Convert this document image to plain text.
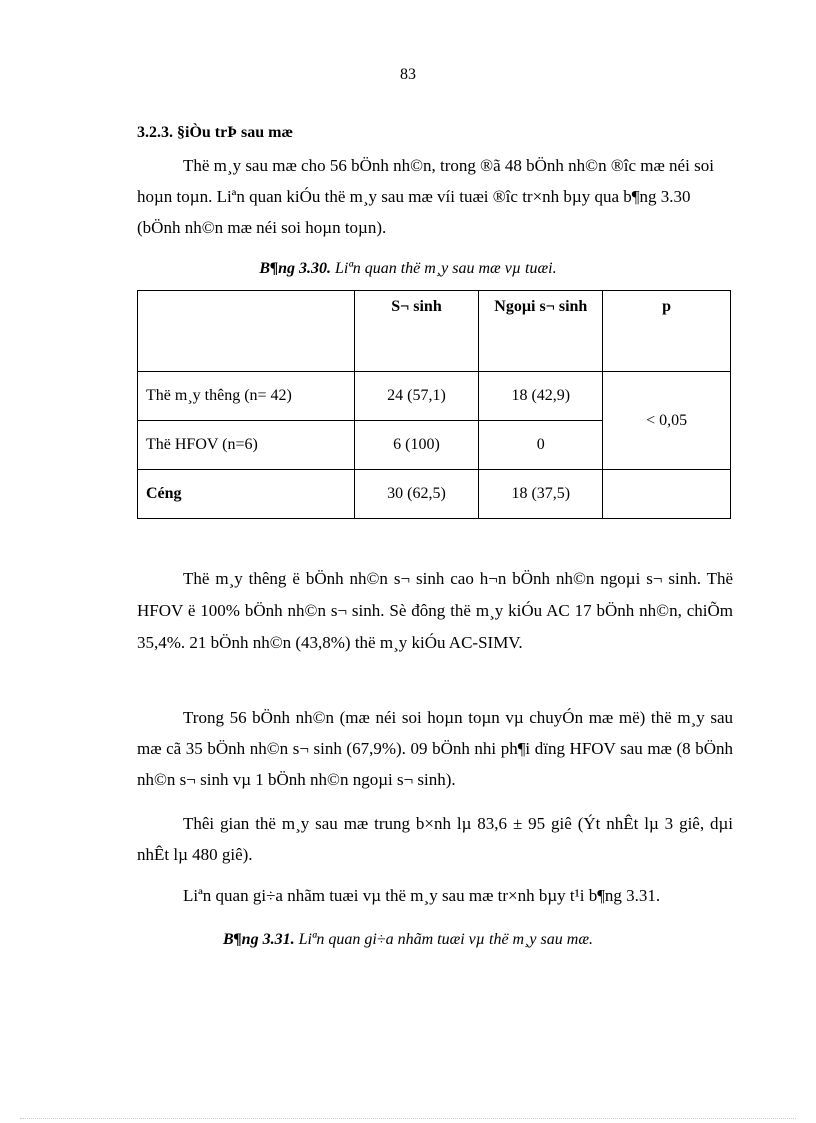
83
3.2.3. §iÒu trÞ sau mæ
Thë m¸y sau mæ cho 56 bÖnh nh©n, trong ®ã 48 bÖnh nh©n ®îc mæ néi soi hoµn toµn. Liªn quan kiÓu thë m¸y sau mæ víi tuæi ®îc tr×nh bµy qua b¶ng 3.30 (bÖnh nh©n mæ néi soi hoµn toµn).
B¶ng 3.30. Liªn quan thë m¸y sau mæ vµ tuæi.
	S¬ sinh	Ngoµi s¬ sinh	p
Thë m¸y thêng (n= 42)	24 (57,1)	18 (42,9)	< 0,05
Thë HFOV (n=6)	6 (100)	0	
Céng	30 (62,5)	18 (37,5)	
Thë m¸y thêng ë bÖnh nh©n s¬ sinh cao h¬n bÖnh nh©n ngoµi s¬ sinh. Thë HFOV ë 100% bÖnh nh©n s¬ sinh. Sè đông thë m¸y kiÓu AC 17 bÖnh nh©n, chiÕm 35,4%. 21 bÖnh nh©n (43,8%) thë m¸y kiÓu AC-SIMV.
Trong 56 bÖnh nh©n (mæ néi soi hoµn toµn vµ chuyÓn mæ më) thë m¸y sau mæ cã 35 bÖnh nh©n s¬ sinh (67,9%). 09 bÖnh nhi ph¶i dïng HFOV sau mæ (8 bÖnh nh©n s¬ sinh vµ 1 bÖnh nh©n ngoµi s¬ sinh).
Thêi gian thë m¸y sau mæ trung b×nh lµ 83,6 ± 95 giê (Ýt nhÊt lµ 3 giê, dµi nhÊt lµ 480 giê).
Liªn quan gi÷a nhãm tuæi vµ thë m¸y sau mæ tr×nh bµy t¹i b¶ng 3.31.
B¶ng 3.31. Liªn quan gi÷a nhãm tuæi vµ thë m¸y sau mæ.
